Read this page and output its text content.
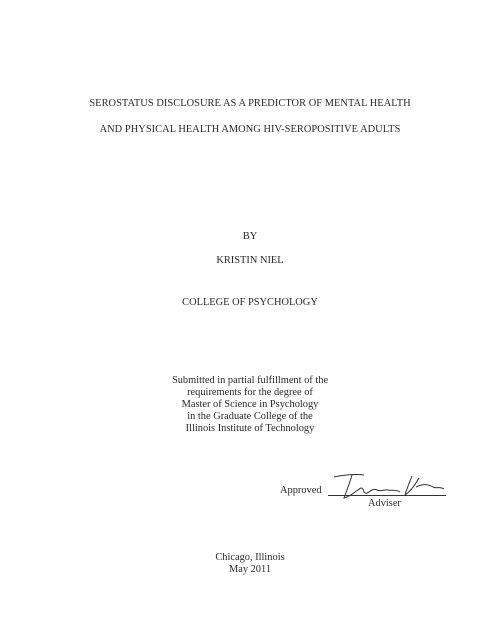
SEROSTATUS DISCLOSURE AS A PREDICTOR OF MENTAL HEALTH
AND PHYSICAL HEALTH AMONG HIV-SEROPOSITIVE ADULTS
BY
KRISTIN NIEL
COLLEGE OF PSYCHOLOGY
Submitted in partial fulfillment of the
requirements for the degree of
Master of Science in Psychology
in the Graduate College of the
Illinois Institute of Technology
Approved
Adviser
Chicago, Illinois
May 2011
